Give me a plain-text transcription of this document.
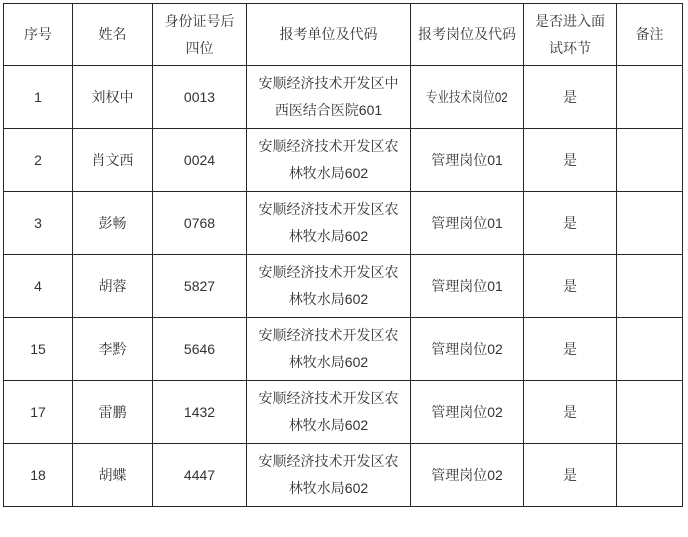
序号	姓名	身份证号后四位	报考单位及代码	报考岗位及代码	是否进入面试环节	备注
1	刘权中	0013	安顺经济技术开发区中西医结合医院601	专业技术岗位02	是	
2	肖文西	0024	安顺经济技术开发区农林牧水局602	管理岗位01	是	
3	彭畅	0768	安顺经济技术开发区农林牧水局602	管理岗位01	是	
4	胡蓉	5827	安顺经济技术开发区农林牧水局602	管理岗位01	是	
15	李黔	5646	安顺经济技术开发区农林牧水局602	管理岗位02	是	
17	雷鹏	1432	安顺经济技术开发区农林牧水局602	管理岗位02	是	
18	胡蝶	4447	安顺经济技术开发区农林牧水局602	管理岗位02	是	
